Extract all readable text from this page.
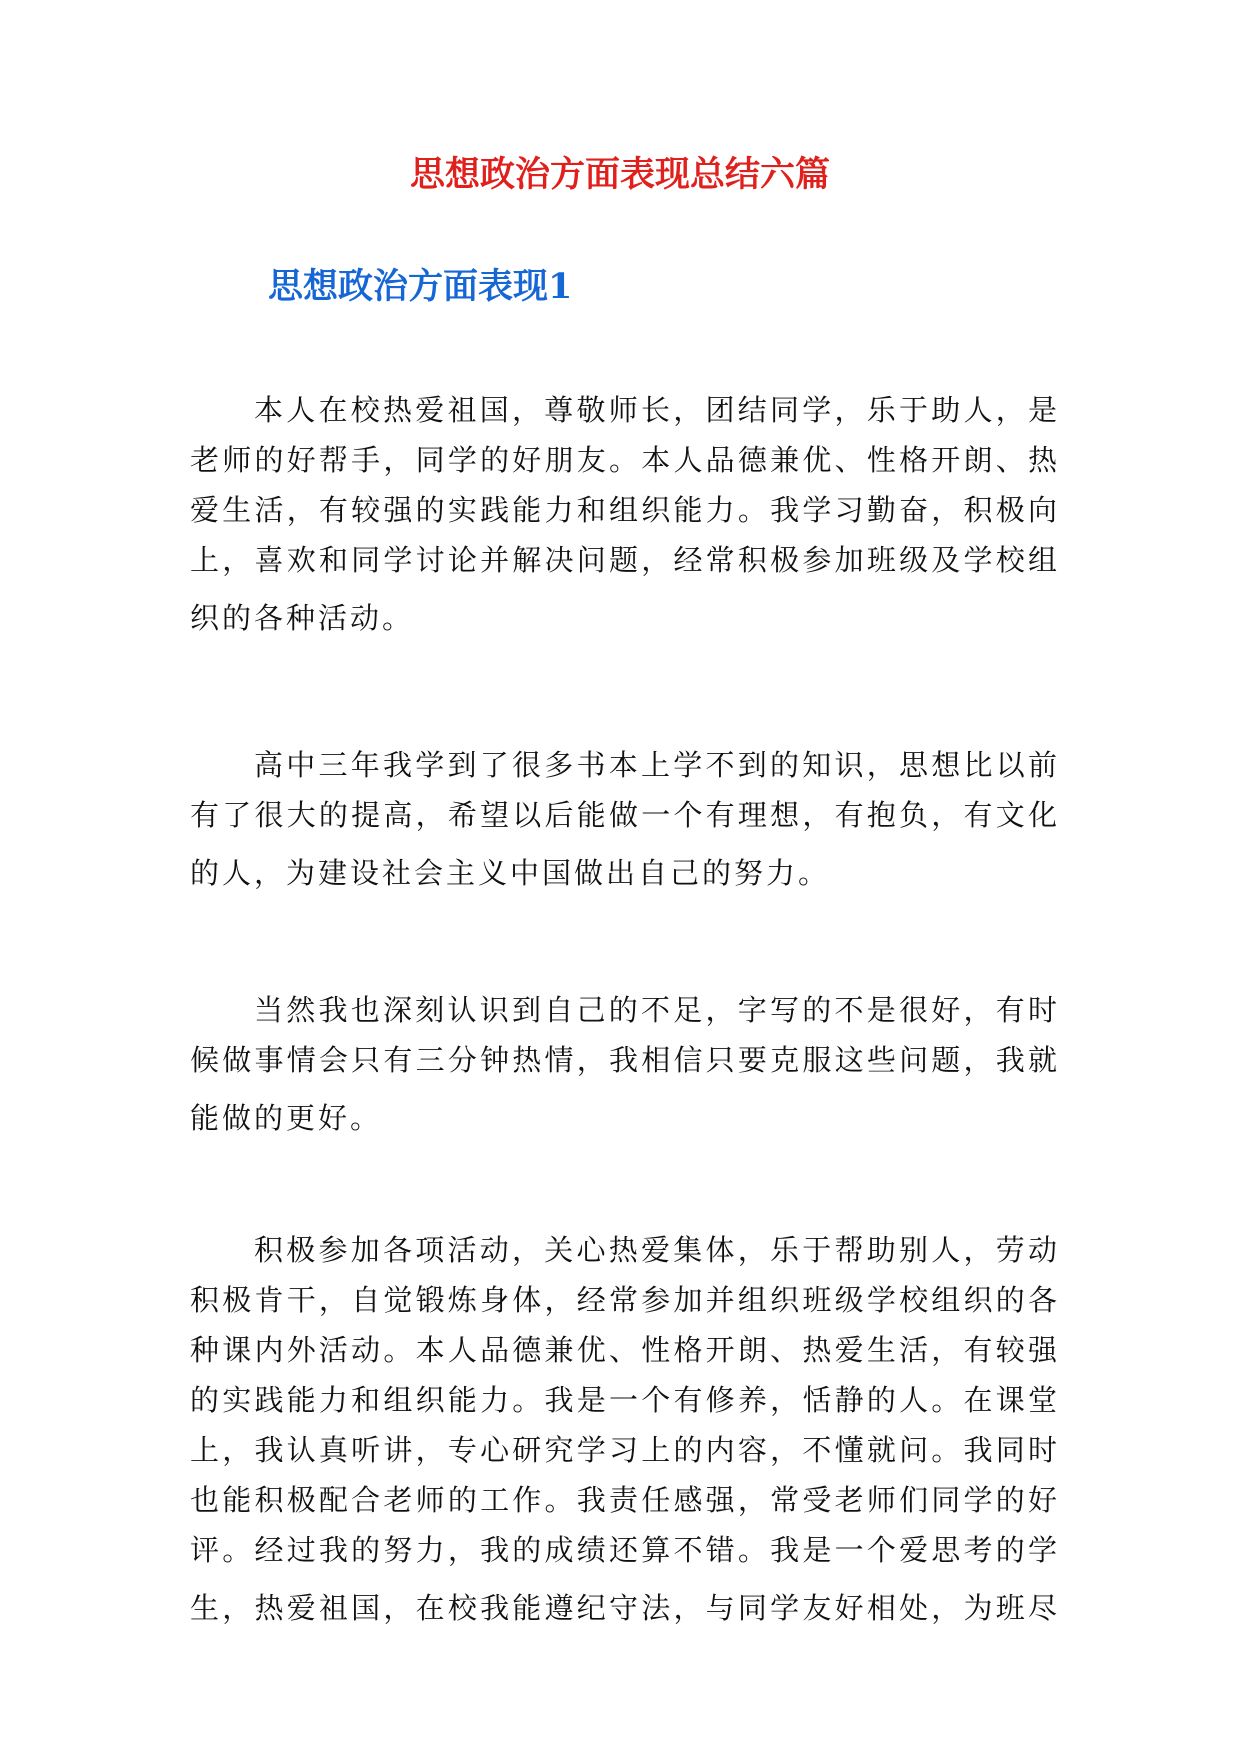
思想政治方面表现总结六篇
思想政治方面表现1
本人在校热爱祖国，尊敬师长，团结同学，乐于助人，是
老师的好帮手，同学的好朋友。本人品德兼优、性格开朗、热
爱生活，有较强的实践能力和组织能力。我学习勤奋，积极向
上，喜欢和同学讨论并解决问题，经常积极参加班级及学校组
织的各种活动。
高中三年我学到了很多书本上学不到的知识，思想比以前
有了很大的提高，希望以后能做一个有理想，有抱负，有文化
的人，为建设社会主义中国做出自己的努力。
当然我也深刻认识到自己的不足，字写的不是很好，有时
候做事情会只有三分钟热情，我相信只要克服这些问题，我就
能做的更好。
积极参加各项活动，关心热爱集体，乐于帮助别人，劳动
积极肯干，自觉锻炼身体，经常参加并组织班级学校组织的各
种课内外活动。本人品德兼优、性格开朗、热爱生活，有较强
的实践能力和组织能力。我是一个有修养，恬静的人。在课堂
上，我认真听讲，专心研究学习上的内容，不懂就问。我同时
也能积极配合老师的工作。我责任感强，常受老师们同学的好
评。经过我的努力，我的成绩还算不错。我是一个爱思考的学
生，热爱祖国，在校我能遵纪守法，与同学友好相处，为班尽
